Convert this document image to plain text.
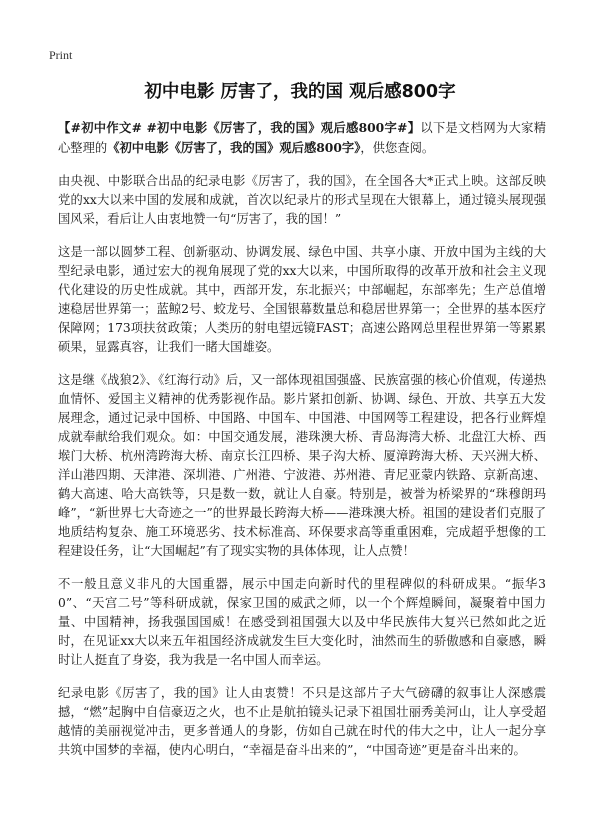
Print
初中电影 厉害了，我的国 观后感800字

【#初中作文# #初中电影《厉害了，我的国》观后感800字#】以下是文档网为大家精心整理的《初中电影《厉害了，我的国》观后感800字》，供您查阅。

由央视、中影联合出品的纪录电影《厉害了，我的国》，在全国各大*正式上映。这部反映党的xx大以来中国的发展和成就，首次以纪录片的形式呈现在大银幕上，通过镜头展现强国风采，看后让人由衷地赞一句“厉害了，我的国！”

这是一部以圆梦工程、创新驱动、协调发展、绿色中国、共享小康、开放中国为主线的大型纪录电影，通过宏大的视角展现了党的xx大以来，中国所取得的改革开放和社会主义现代化建设的历史性成就。其中，西部开发，东北振兴；中部崛起，东部率先；生产总值增速稳居世界第一；蓝鲸2号、蛟龙号、全国银幕数量总和稳居世界第一；全世界的基本医疗保障网；173项扶贫政策；人类历的射电望远镜FAST；高速公路网总里程世界第一等累累硕果，显露真容，让我们一睹大国雄姿。

这是继《战狼2》、《红海行动》后，又一部体现祖国强盛、民族富强的核心价值观，传递热血情怀、爱国主义精神的优秀影视作品。影片紧扣创新、协调、绿色、开放、共享五大发展理念，通过记录中国桥、中国路、中国车、中国港、中国网等工程建设，把各行业辉煌成就奉献给我们观众。如：中国交通发展，港珠澳大桥、青岛海湾大桥、北盘江大桥、西堠门大桥、杭州湾跨海大桥、南京长江四桥、果子沟大桥、厦漳跨海大桥、天兴洲大桥、洋山港四期、天津港、深圳港、广州港、宁波港、苏州港、青尼亚蒙内铁路、京新高速、鹤大高速、哈大高铁等，只是数一数，就让人自豪。特别是，被誉为桥梁界的“珠穆朗玛峰”，“新世界七大奇迹之一”的世界最长跨海大桥——港珠澳大桥。祖国的建设者们克服了地质结构复杂、施工环境恶劣、技术标准高、环保要求高等重重困难，完成超乎想像的工程建设任务，让“大国崛起”有了现实实物的具体体现，让人点赞！

不一般且意义非凡的大国重器，展示中国走向新时代的里程碑似的科研成果。“振华30”、“天宫二号”等科研成就，保家卫国的威武之师，以一个个辉煌瞬间，凝聚着中国力量、中国精神，扬我强国国威！在感受到祖国强大以及中华民族伟大复兴已然如此之近时，在见证xx大以来五年祖国经济成就发生巨大变化时，油然而生的骄傲感和自豪感，瞬时让人挺直了身姿，我为我是一名中国人而幸运。

纪录电影《厉害了，我的国》让人由衷赞！不只是这部片子大气磅礴的叙事让人深感震撼，“燃”起胸中自信豪迈之火，也不止是航拍镜头记录下祖国壮丽秀美河山，让人享受超越情的美丽视觉冲击，更多普通人的身影，仿如自己就在时代的伟大之中，让人一起分享共筑中国梦的幸福，使内心明白，“幸福是奋斗出来的”，“中国奇迹”更是奋斗出来的。
